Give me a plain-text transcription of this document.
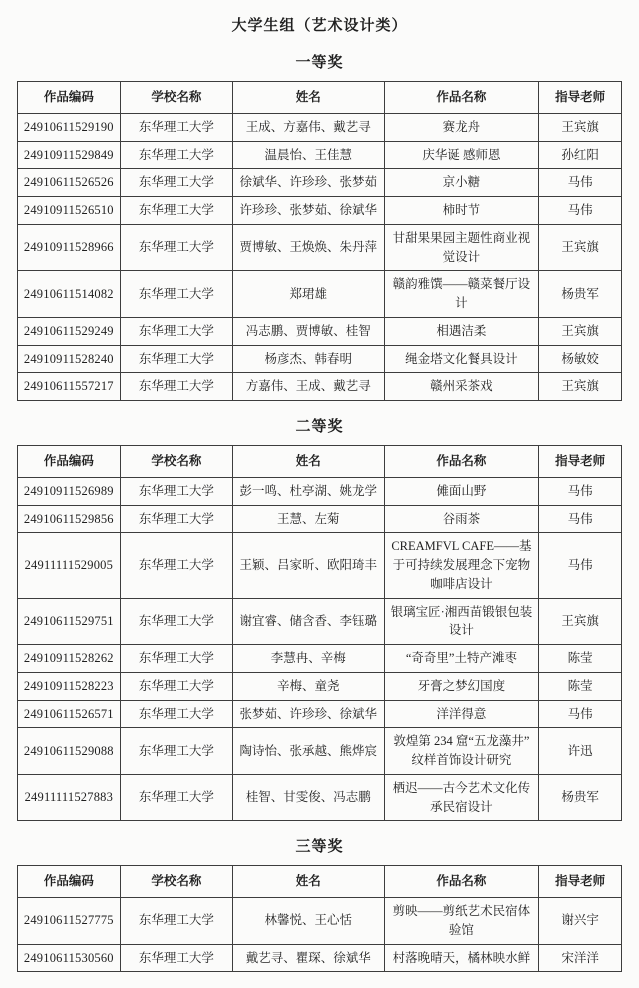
大学生组（艺术设计类）
一等奖
作品编码	学校名称	姓名	作品名称	指导老师
24910611529190	东华理工大学	王成、方嘉伟、戴艺寻	赛龙舟	王宾旗
24910911529849	东华理工大学	温晨怡、王佳慧	庆华诞 感师恩	孙红阳
24910611526526	东华理工大学	徐斌华、许珍珍、张梦茹	京小糖	马伟
24910911526510	东华理工大学	许珍珍、张梦茹、徐斌华	柿时节	马伟
24910911528966	东华理工大学	贾博敏、王焕焕、朱丹萍	甘甜果果园主题性商业视觉设计	王宾旗
24910611514082	东华理工大学	郑珺雄	赣韵雅馔——赣菜餐厅设计	杨贵军
24910611529249	东华理工大学	冯志鹏、贾博敏、桂智	相遇洁柔	王宾旗
24910911528240	东华理工大学	杨彦杰、韩春明	绳金塔文化餐具设计	杨敏姣
24910611557217	东华理工大学	方嘉伟、王成、戴艺寻	赣州采茶戏	王宾旗
二等奖
作品编码	学校名称	姓名	作品名称	指导老师
24910911526989	东华理工大学	彭一鸣、杜亭湖、姚龙学	傩面山野	马伟
24910611529856	东华理工大学	王慧、左菊	谷雨茶	马伟
24911111529005	东华理工大学	王颖、吕家昕、欧阳琦丰	CREAMFVL CAFE——基于可持续发展理念下宠物咖啡店设计	马伟
24910611529751	东华理工大学	谢宜睿、储含香、李钰璐	银璃宝匠·湘西苗锻银包装设计	王宾旗
24910911528262	东华理工大学	李慧冉、辛梅	“奇奇里”土特产滩枣	陈莹
24910911528223	东华理工大学	辛梅、童尧	牙膏之梦幻国度	陈莹
24910611526571	东华理工大学	张梦茹、许珍珍、徐斌华	洋洋得意	马伟
24910611529088	东华理工大学	陶诗怡、张承越、熊烨宸	敦煌第 234 窟“五龙藻井” 纹样首饰设计研究	许迅
24911111527883	东华理工大学	桂智、甘雯俊、冯志鹏	栖迟——古今艺术文化传承民宿设计	杨贵军
三等奖
作品编码	学校名称	姓名	作品名称	指导老师
24910611527775	东华理工大学	林馨悦、王心恬	剪映——剪纸艺术民宿体验馆	谢兴宇
24910611530560	东华理工大学	戴艺寻、瞿琛、徐斌华	村落晚晴天，橘林映水鲜	宋洋洋
